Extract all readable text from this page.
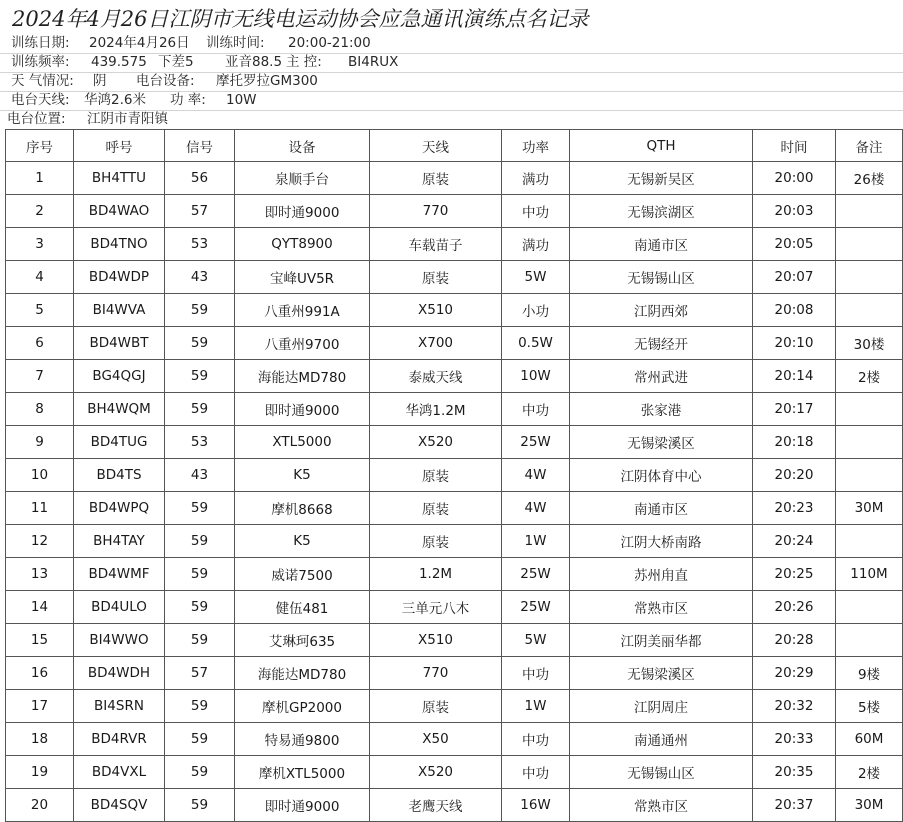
2024年4月26日江阴市无线电运动协会应急通讯演练点名记录
训练日期: 2024年4月26日 训练时间: 20:00-21:00
训练频率: 439.575 下差5 亚音88.5 主 控: BI4RUX
天 气情况: 阴 电台设备: 摩托罗拉GM300
电台天线: 华鸿2.6米 功 率: 10W
电台位置: 江阴市青阳镇
序号	呼号	信号	设备	天线	功率	QTH	时间	备注
1	BH4TTU	56	泉顺手台	原装	满功	无锡新吴区	20:00	26楼
2	BD4WAO	57	即时通9000	770	中功	无锡滨湖区	20:03	
3	BD4TNO	53	QYT8900	车载苗子	满功	南通市区	20:05	
4	BD4WDP	43	宝峰UV5R	原装	5W	无锡锡山区	20:07	
5	BI4WVA	59	八重州991A	X510	小功	江阴西郊	20:08	
6	BD4WBT	59	八重州9700	X700	0.5W	无锡经开	20:10	30楼
7	BG4QGJ	59	海能达MD780	泰威天线	10W	常州武进	20:14	2楼
8	BH4WQM	59	即时通9000	华鸿1.2M	中功	张家港	20:17	
9	BD4TUG	53	XTL5000	X520	25W	无锡梁溪区	20:18	
10	BD4TS	43	K5	原装	4W	江阴体育中心	20:20	
11	BD4WPQ	59	摩机8668	原装	4W	南通市区	20:23	30M
12	BH4TAY	59	K5	原装	1W	江阴大桥南路	20:24	
13	BD4WMF	59	威诺7500	1.2M	25W	苏州甪直	20:25	110M
14	BD4ULO	59	健伍481	三单元八木	25W	常熟市区	20:26	
15	BI4WWO	59	艾琳珂635	X510	5W	江阴美丽华都	20:28	
16	BD4WDH	57	海能达MD780	770	中功	无锡梁溪区	20:29	9楼
17	BI4SRN	59	摩机GP2000	原装	1W	江阴周庄	20:32	5楼
18	BD4RVR	59	特易通9800	X50	中功	南通通州	20:33	60M
19	BD4VXL	59	摩机XTL5000	X520	中功	无锡锡山区	20:35	2楼
20	BD4SQV	59	即时通9000	老鹰天线	16W	常熟市区	20:37	30M
